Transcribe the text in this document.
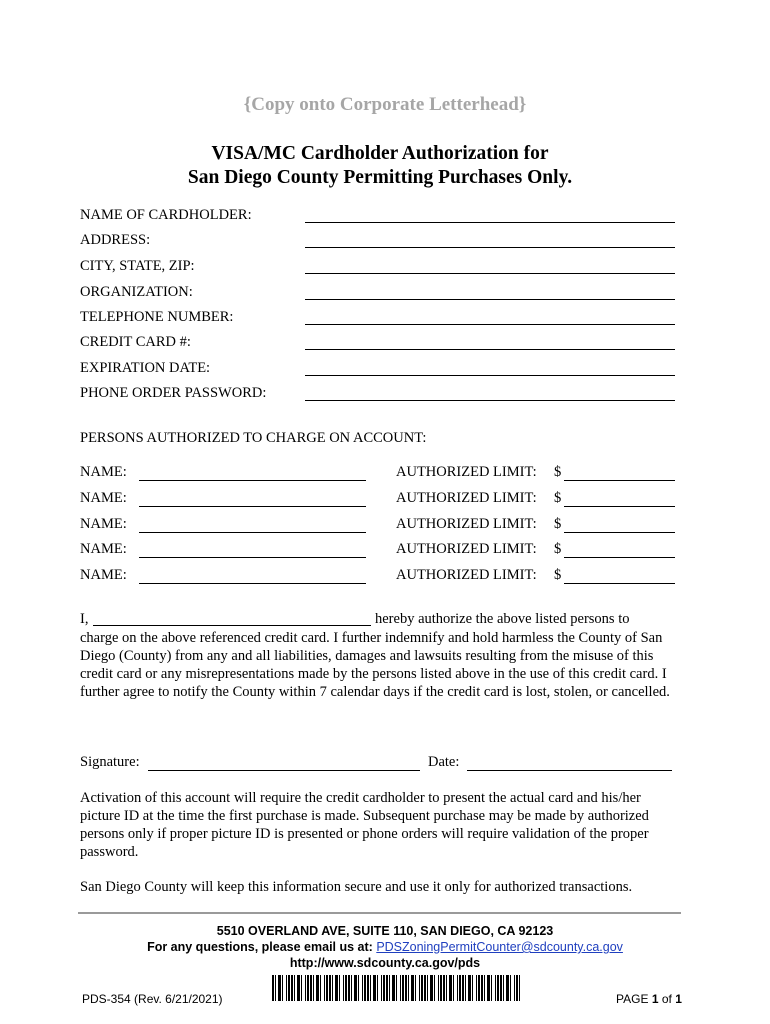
{Copy onto Corporate Letterhead}
VISA/MC Cardholder Authorization for
San Diego County Permitting Purchases Only.
NAME OF CARDHOLDER:
ADDRESS:
CITY, STATE, ZIP:
ORGANIZATION:
TELEPHONE NUMBER:
CREDIT CARD #:
EXPIRATION DATE:
PHONE ORDER PASSWORD:
PERSONS AUTHORIZED TO CHARGE ON ACCOUNT:
NAME:	AUTHORIZED LIMIT: $
NAME:	AUTHORIZED LIMIT: $
NAME:	AUTHORIZED LIMIT: $
NAME:	AUTHORIZED LIMIT: $
NAME:	AUTHORIZED LIMIT: $
I,	hereby authorize the above listed persons to
charge on the above referenced credit card. I further indemnify and hold harmless the County of San Diego (County) from any and all liabilities, damages and lawsuits resulting from the misuse of this credit card or any misrepresentations made by the persons listed above in the use of this credit card. I further agree to notify the County within 7 calendar days if the credit card is lost, stolen, or cancelled.
Signature:	Date:
Activation of this account will require the credit cardholder to present the actual card and his/her picture ID at the time the first purchase is made. Subsequent purchase may be made by authorized persons only if proper picture ID is presented or phone orders will require validation of the proper password.
San Diego County will keep this information secure and use it only for authorized transactions.
5510 OVERLAND AVE, SUITE 110, SAN DIEGO, CA 92123
For any questions, please email us at: PDSZoningPermitCounter@sdcounty.ca.gov
http://www.sdcounty.ca.gov/pds
PDS-354 (Rev. 6/21/2021)	PAGE 1 of 1
